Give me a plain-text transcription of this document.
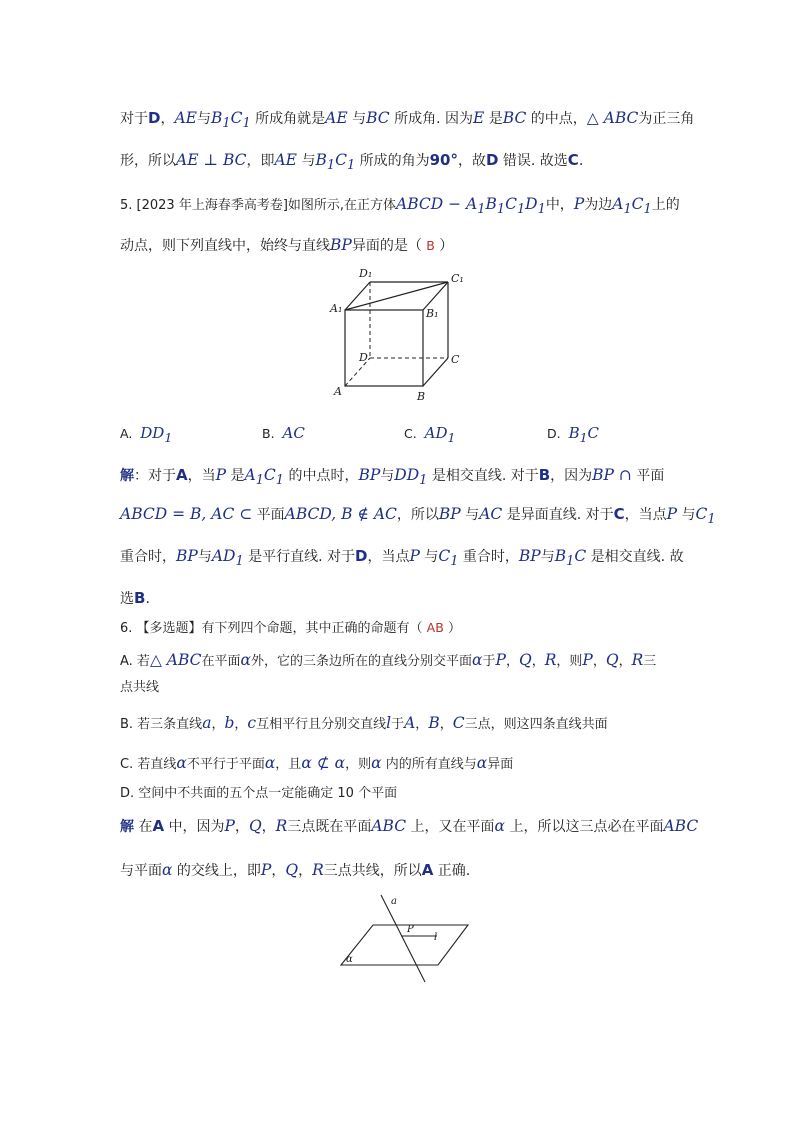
对于D，AE与$B_1C_1$ 所成角就是AE 与BC 所成角. 因为E 是BC 的中点，△ ABC为正三角
形，所以AE ⊥ BC，即AE 与$B_1C_1$ 所成的角为90°，故D 错误. 故选C.
5. [2023 年上海春季高考卷]如图所示,在正方体ABCD − $A_1B_1C_1D_1$中，P为边$A_1C_1$上的
动点，则下列直线中，始终与直线BP异面的是（ B ）
D₁	C₁
A₁	B₁
D	C
A	B
A. $DD_1$	B. AC	C. $AD_1$	D. $B_1C$
解：对于A，当P 是$A_1C_1$ 的中点时，BP与$DD_1$ 是相交直线. 对于B，因为BP ∩ 平面
ABCD = B, AC ⊂ 平面ABCD, B ∉ AC，所以BP 与AC 是异面直线. 对于C，当点P 与$C_1$
重合时，BP与$AD_1$ 是平行直线. 对于D，当点P 与$C_1$ 重合时，BP与$B_1C$ 是相交直线. 故
选B.
6. 【多选题】有下列四个命题，其中正确的命题有（ AB ）
A. 若△ ABC在平面α外，它的三条边所在的直线分别交平面α于P，Q，R，则P，Q，R三
点共线
B. 若三条直线a，b，c互相平行且分别交直线l于A，B，C三点，则这四条直线共面
C. 若直线α不平行于平面α，且α ⊄ α，则α 内的所有直线与α异面
D. 空间中不共面的五个点一定能确定 10 个平面
解 在A 中，因为P，Q，R三点既在平面ABC 上，又在平面α 上，所以这三点必在平面ABC
与平面α 的交线上，即P，Q，R三点共线，所以A 正确.
a
P
l
α
